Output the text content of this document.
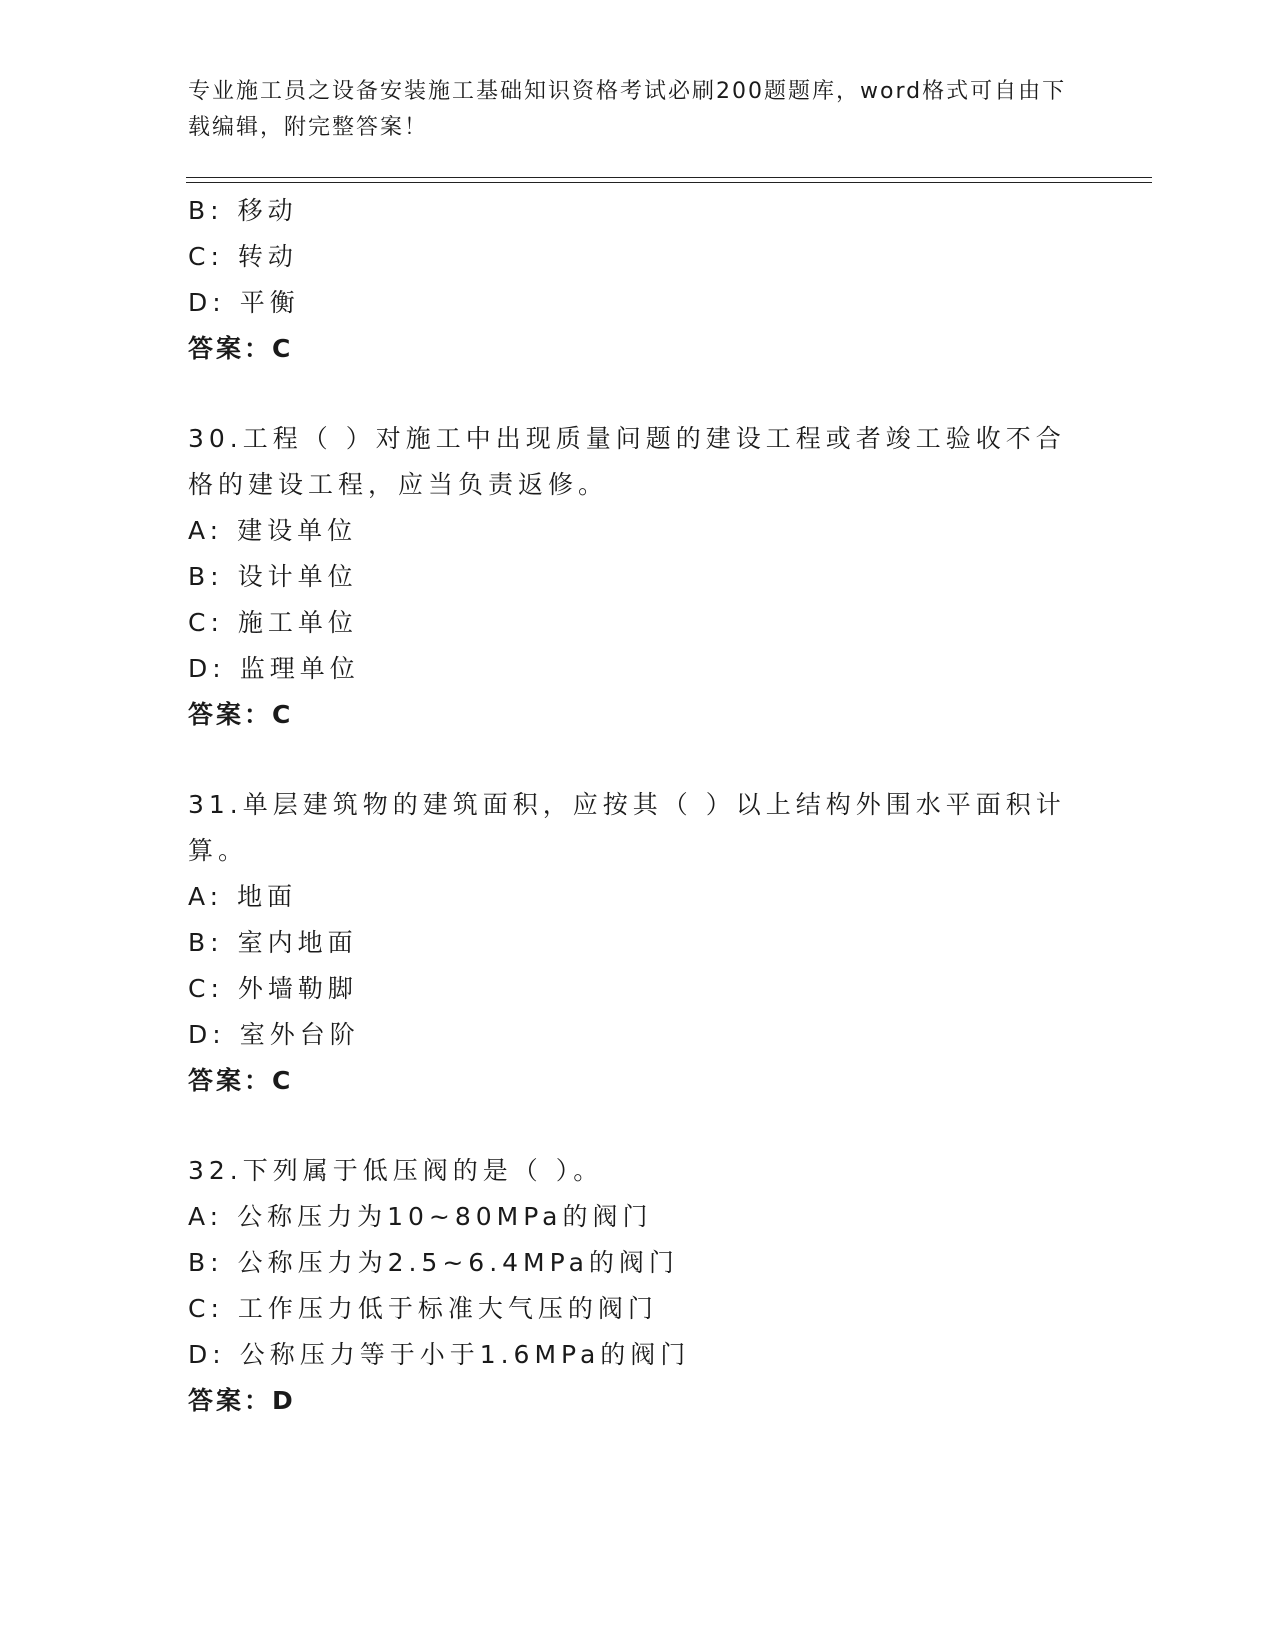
专业施工员之设备安装施工基础知识资格考试必刷200题题库，word格式可自由下载编辑，附完整答案！
B: 移动
C: 转动
D: 平衡
答案：C
30.工程（ ）对施工中出现质量问题的建设工程或者竣工验收不合格的建设工程，应当负责返修。
A: 建设单位
B: 设计单位
C: 施工单位
D: 监理单位
答案：C
31.单层建筑物的建筑面积，应按其（ ）以上结构外围水平面积计算。
A: 地面
B: 室内地面
C: 外墙勒脚
D: 室外台阶
答案：C
32.下列属于低压阀的是（ ）。
A: 公称压力为10~80MPa的阀门
B: 公称压力为2.5~6.4MPa的阀门
C: 工作压力低于标准大气压的阀门
D: 公称压力等于小于1.6MPa的阀门
答案：D
